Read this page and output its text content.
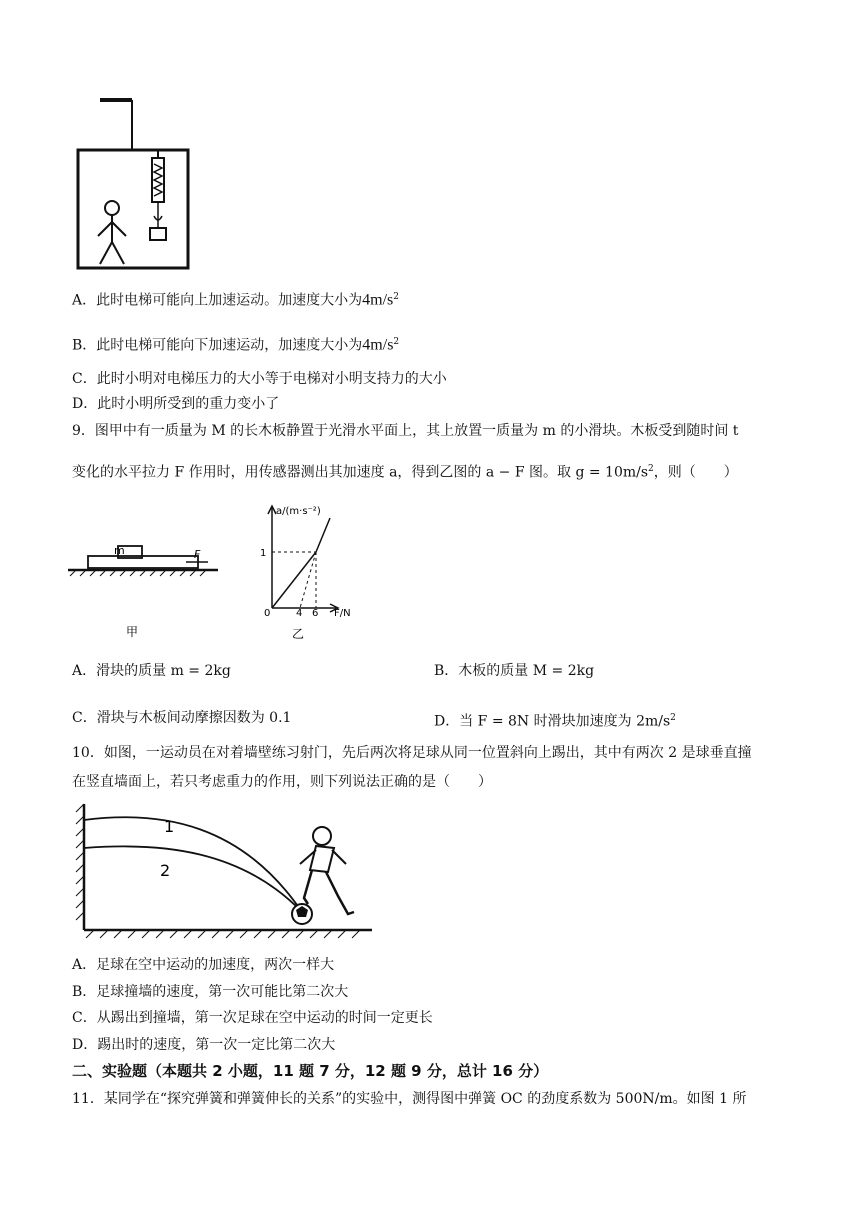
A．此时电梯可能向上加速运动。加速度大小为$4m/s^2$
B．此时电梯可能向下加速运动，加速度大小为$4m/s^2$
C．此时小明对电梯压力的大小等于电梯对小明支持力的大小
D．此时小明所受到的重力变小了
9．图甲中有一质量为 M 的长木板静置于光滑水平面上，其上放置一质量为 m 的小滑块。木板受到随时间 t
变化的水平拉力 F 作用时，用传感器测出其加速度 a，得到乙图的 a − F 图。取 $g = 10m/s^2$，则（　　）
m	F
甲
a/(m·s⁻²)
F/N
1
0	4 6
乙
A．滑块的质量 m = 2kg	B．木板的质量 M = 2kg
C．滑块与木板间动摩擦因数为 0.1	D．当 F = 8N 时滑块加速度为 $2m/s^2$
10．如图，一运动员在对着墙壁练习射门，先后两次将足球从同一位置斜向上踢出，其中有两次 2 是球垂直撞
在竖直墙面上，若只考虑重力的作用，则下列说法正确的是（　　）
1
2
A．足球在空中运动的加速度，两次一样大
B．足球撞墙的速度，第一次可能比第二次大
C．从踢出到撞墙，第一次足球在空中运动的时间一定更长
D．踢出时的速度，第一次一定比第二次大
二、实验题（本题共 2 小题，11 题 7 分，12 题 9 分，总计 16 分）
11．某同学在“探究弹簧和弹簧伸长的关系”的实验中，测得图中弹簧 OC 的劲度系数为 500N/m。如图 1 所
